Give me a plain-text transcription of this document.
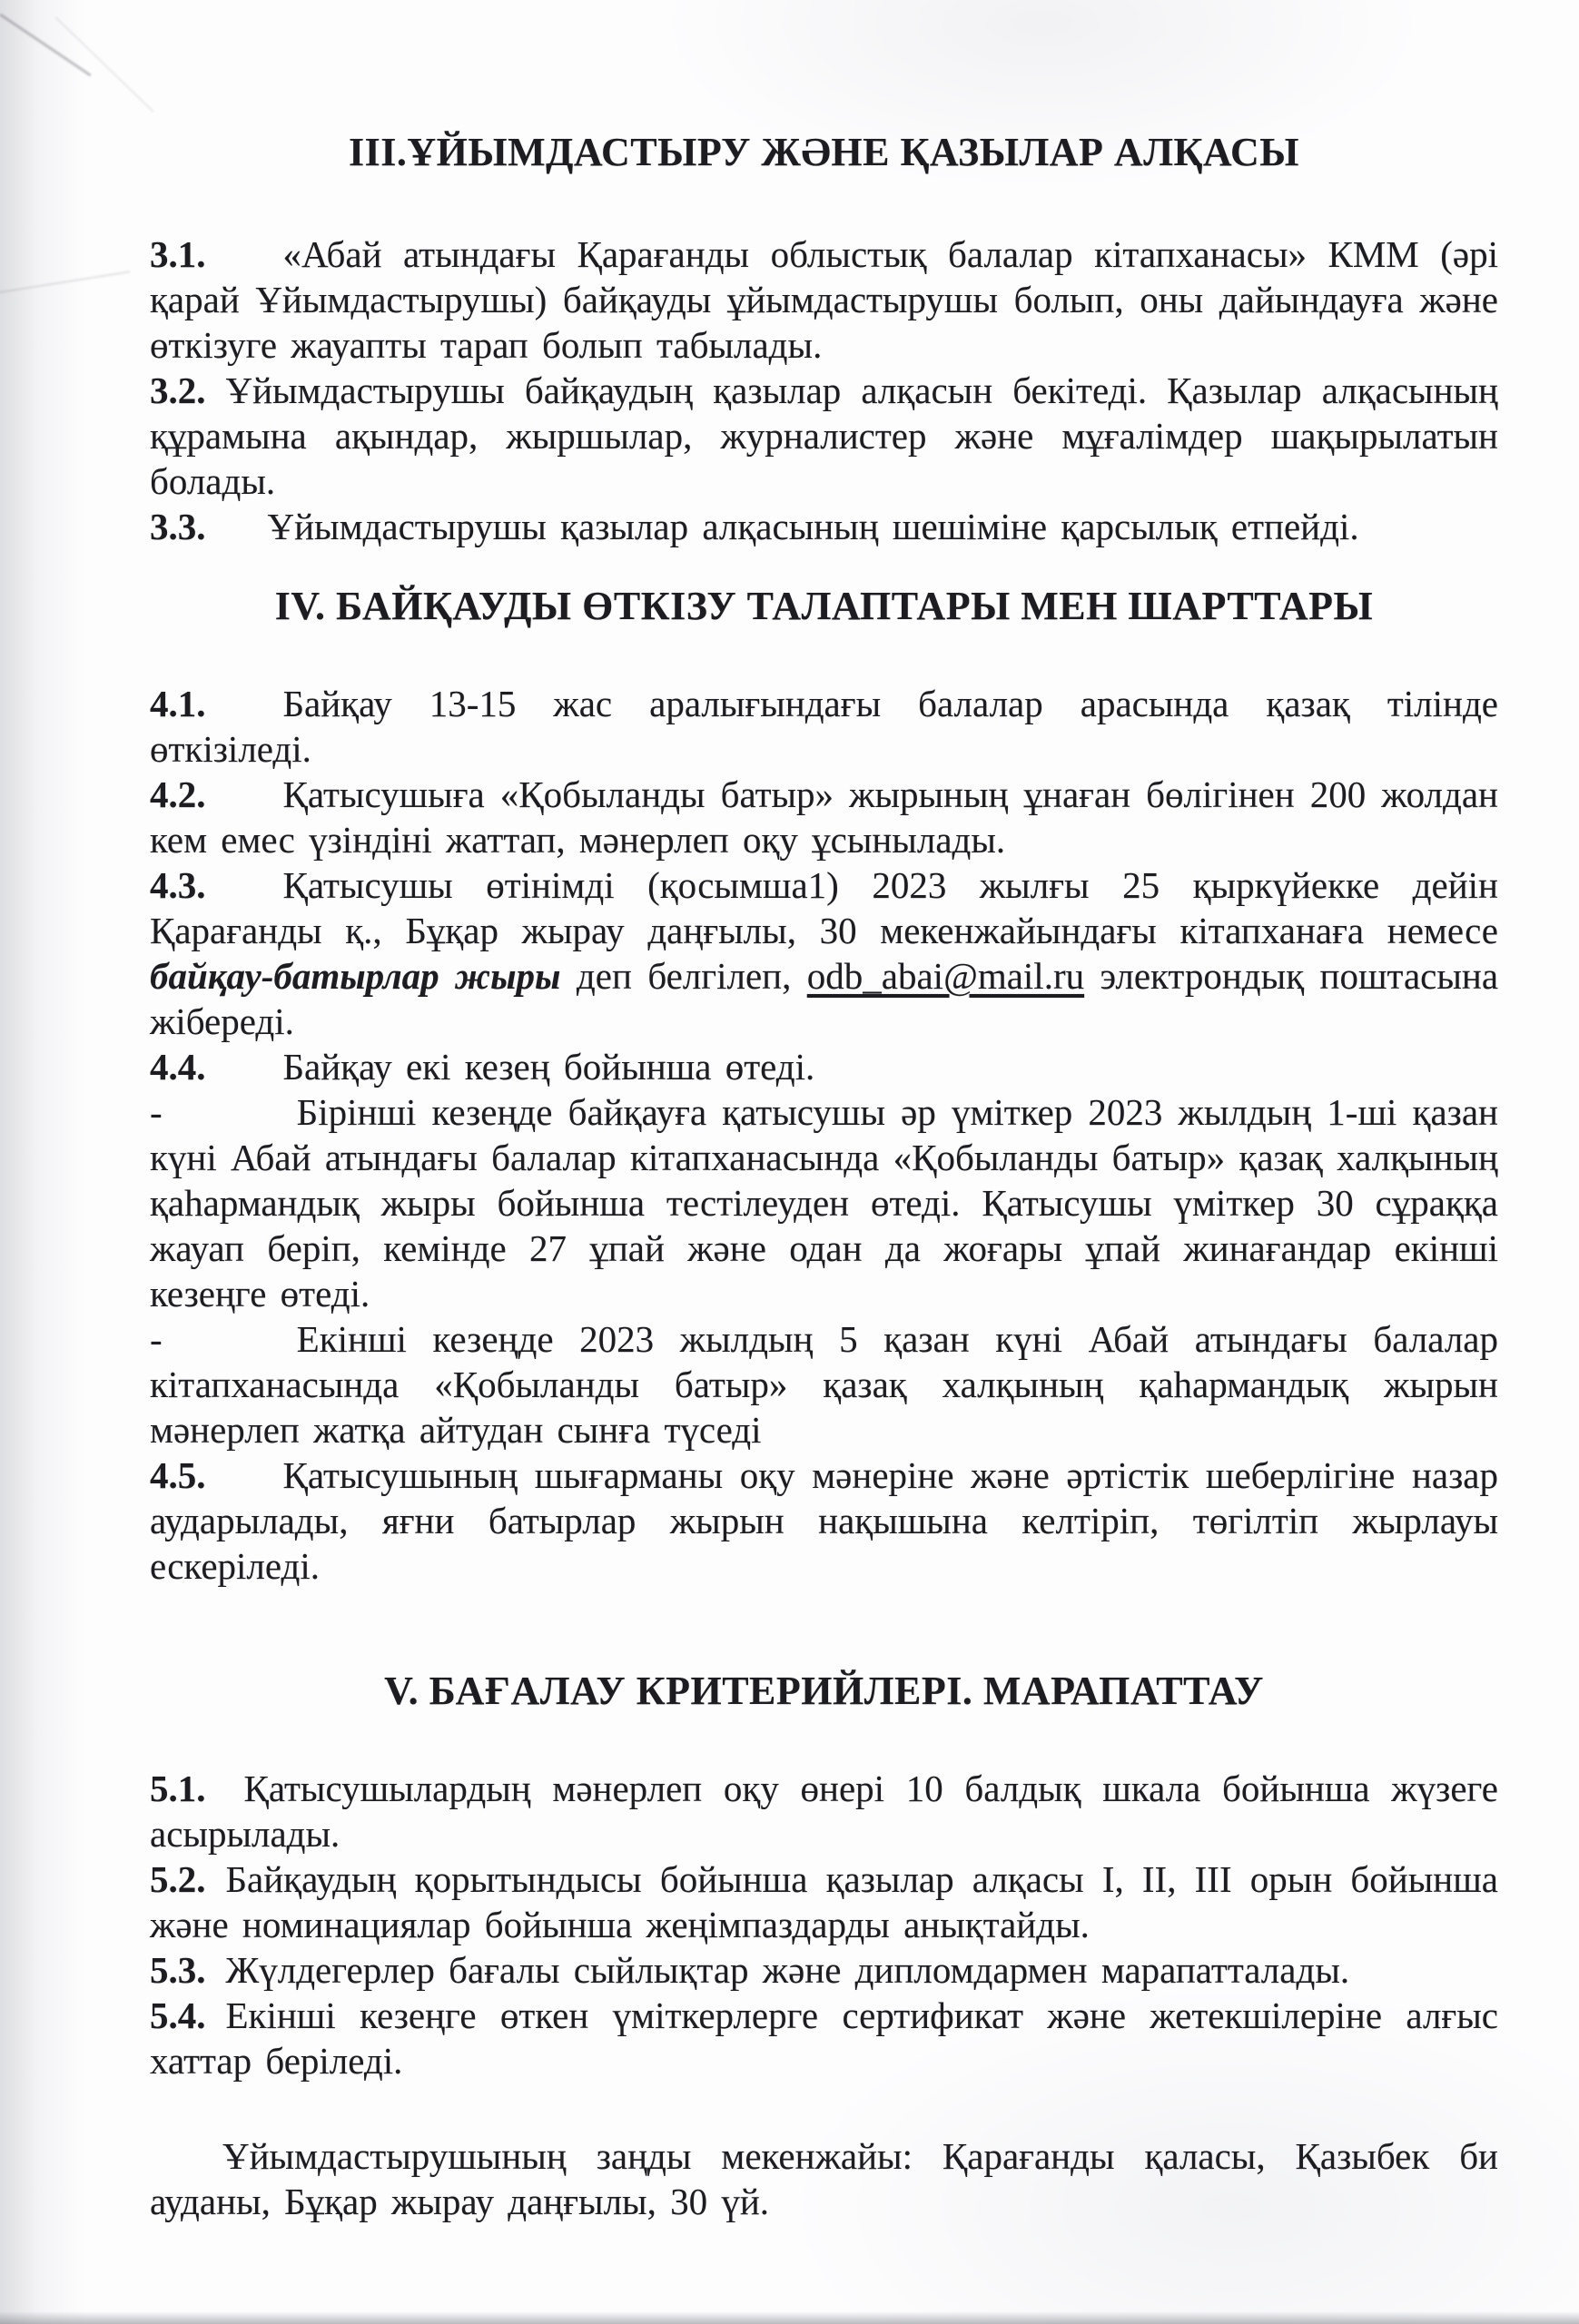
ІІІ.ҰЙЫМДАСТЫРУ ЖӘНЕ ҚАЗЫЛАР АЛҚАСЫ

3.1. «Абай атындағы Қарағанды облыстық балалар кітапханасы» КММ (әрі қарай Ұйымдастырушы) байқауды ұйымдастырушы болып, оны дайындауға және өткізуге жауапты тарап болып табылады.

3.2. Ұйымдастырушы байқаудың қазылар алқасын бекітеді. Қазылар алқасының құрамына ақындар, жыршылар, журналистер және мұғалімдер шақырылатын болады.

3.3. Ұйымдастырушы қазылар алқасының шешіміне қарсылық етпейді.

IV. БАЙҚАУДЫ ӨТКІЗУ ТАЛАПТАРЫ МЕН ШАРТТАРЫ

4.1. Байқау 13-15 жас аралығындағы балалар арасында қазақ тілінде өткізіледі.

4.2. Қатысушыға «Қобыланды батыр» жырының ұнаған бөлігінен 200 жолдан кем емес үзіндіні жаттап, мәнерлеп оқу ұсынылады.

4.3. Қатысушы өтінімді (қосымша1) 2023 жылғы 25 қыркүйекке дейін Қарағанды қ., Бұқар жырау даңғылы, 30 мекенжайындағы кітапханаға немесе байқау-батырлар жыры деп белгілеп, odb_abai@mail.ru электрондық поштасына жібереді.

4.4. Байқау екі кезең бойынша өтеді.

-	Бірінші кезеңде байқауға қатысушы әр үміткер 2023 жылдың 1-ші қазан күні Абай атындағы балалар кітапханасында «Қобыланды батыр» қазақ халқының қаһармандық жыры бойынша тестілеуден өтеді. Қатысушы үміткер 30 сұраққа жауап беріп, кемінде 27 ұпай және одан да жоғары ұпай жинағандар екінші кезеңге өтеді.

-	Екінші кезеңде 2023 жылдың 5 қазан күні Абай атындағы балалар кітапханасында «Қобыланды батыр» қазақ халқының қаһармандық жырын мәнерлеп жатқа айтудан сынға түседі

4.5. Қатысушының шығарманы оқу мәнеріне және әртістік шеберлігіне назар аударылады, яғни батырлар жырын нақышына келтіріп, төгілтіп жырлауы ескеріледі.

V. БАҒАЛАУ КРИТЕРИЙЛЕРІ. МАРАПАТТАУ

5.1. Қатысушылардың мәнерлеп оқу өнері 10 балдық шкала бойынша жүзеге асырылады.

5.2. Байқаудың қорытындысы бойынша қазылар алқасы I, II, III орын бойынша және номинациялар бойынша жеңімпаздарды анықтайды.

5.3. Жүлдегерлер бағалы сыйлықтар және дипломдармен марапатталады.

5.4. Екінші кезеңге өткен үміткерлерге сертификат және жетекшілеріне алғыс хаттар беріледі.

Ұйымдастырушының заңды мекенжайы: Қарағанды қаласы, Қазыбек би ауданы, Бұқар жырау даңғылы, 30 үй.
